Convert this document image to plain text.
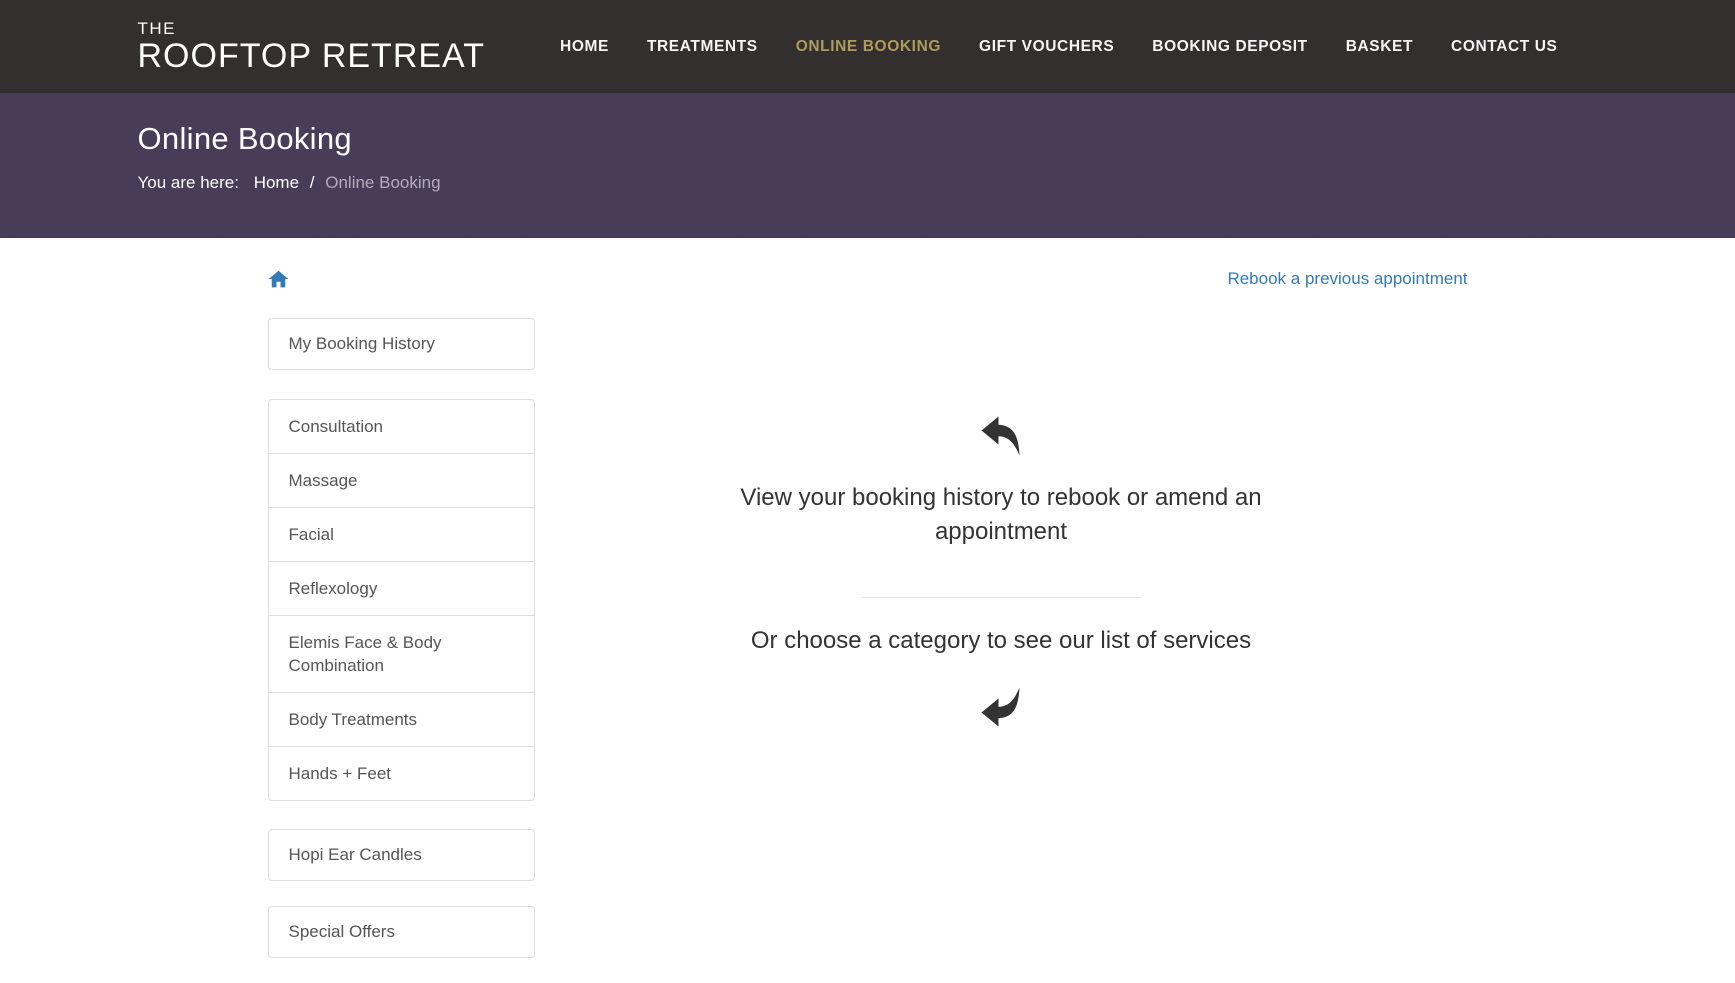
THE
ROOFTOP RETREAT	HOME TREATMENTS ONLINE BOOKING GIFT VOUCHERS BOOKING DEPOSIT BASKET CONTACT US
Online Booking
You are here: Home / Online Booking
Rebook a previous appointment
My Booking History
Consultation
Massage
Facial
Reflexology
Elemis Face & Body Combination
Body Treatments
Hands + Feet
Hopi Ear Candles
Special Offers

View your booking history to rebook or amend an appointment

Or choose a category to see our list of services
